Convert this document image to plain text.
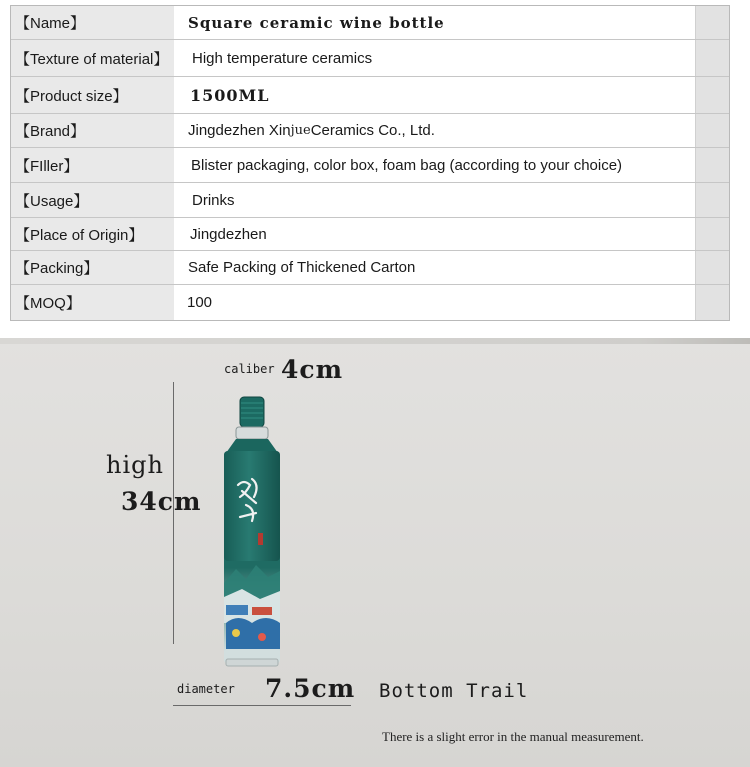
【Name】	Square ceramic wine bottle
【Texture of material】	High temperature ceramics
【Product size】	1500ML
【Brand】	Jingdezhen Xin jue Ceramics Co., Ltd.
【FIller】	Blister packaging, color box, foam bag (according to your choice)
【Usage】	Drinks
【Place of Origin】	Jingdezhen
【Packing】	Safe Packing of Thickened Carton
【MOQ】	100
caliber 4cm
high
34cm
diameter 7.5cm Bottom Trail
There is a slight error in the manual measurement.
